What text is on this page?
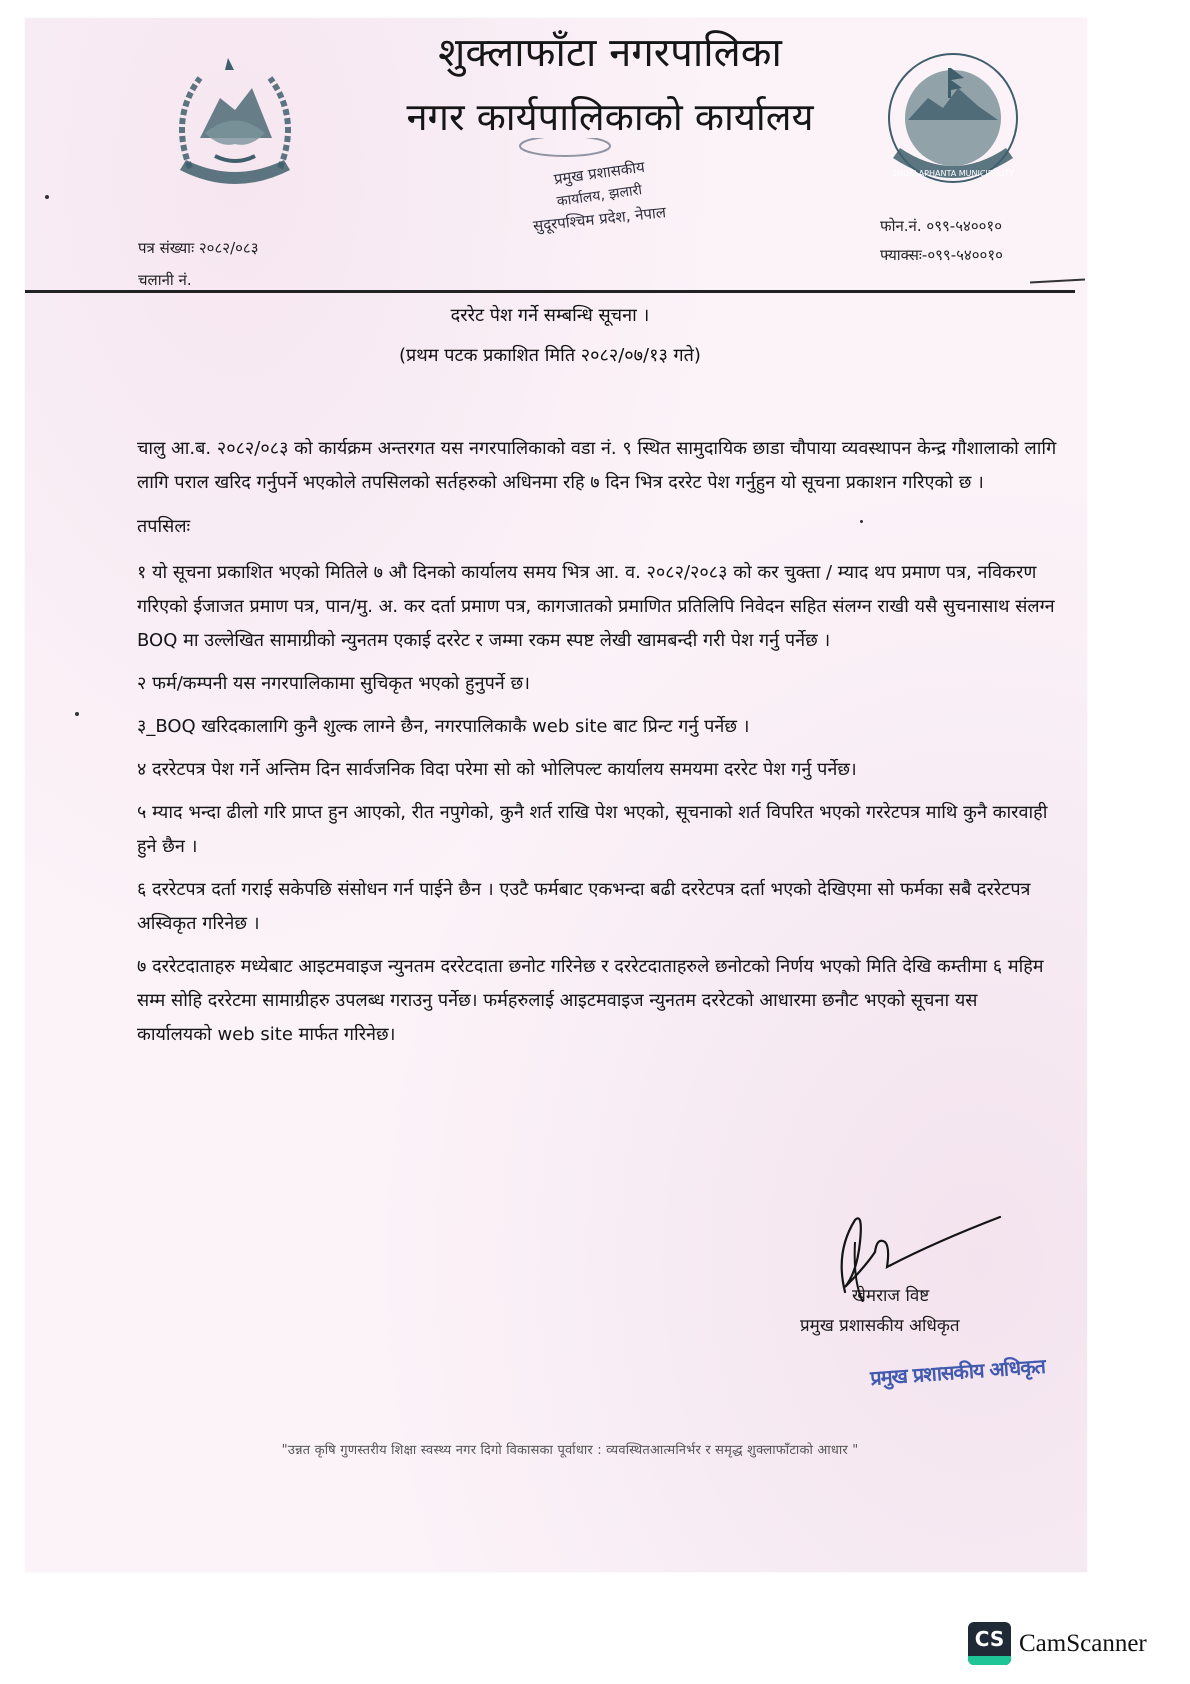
शुक्लाफाँटा नगरपालिका
नगर कार्यपालिकाको कार्यालय
प्रमुख प्रशासकीय
कार्यालय, झलारी
सुदूरपश्चिम प्रदेश, नेपाल
SHUKLAPHANTA MUNICIPALITY
पत्र संख्याः २०८२/०८३
चलानी नं.
फोन.नं. ०९९-५४००१०
फ्याक्सः-०९९-५४००१०
दररेट पेश गर्ने सम्बन्धि सूचना ।
(प्रथम पटक प्रकाशित मिति २०८२/०७/१३ गते)

चालु आ.ब. २०८२/०८३ को कार्यक्रम अन्तरगत यस नगरपालिकाको वडा नं. ९ स्थित सामुदायिक छाडा चौपाया व्यवस्थापन केन्द्र गौशालाको लागि लागि पराल खरिद गर्नुपर्ने भएकोले तपसिलको सर्तहरुको अधिनमा रहि ७ दिन भित्र दररेट पेश गर्नुहुन यो सूचना प्रकाशन गरिएको छ ।

तपसिलः

१ यो सूचना प्रकाशित भएको मितिले ७ औ दिनको कार्यालय समय भित्र आ. व. २०८२/२०८३ को कर चुक्ता / म्याद थप प्रमाण पत्र, नविकरण गरिएको ईजाजत प्रमाण पत्र, पान/मु. अ. कर दर्ता प्रमाण पत्र, कागजातको प्रमाणित प्रतिलिपि निवेदन सहित संलग्न राखी यसै सुचनासाथ संलग्न BOQ मा उल्लेखित सामाग्रीको न्युनतम एकाई दररेट र जम्मा रकम स्पष्ट लेखी खामबन्दी गरी पेश गर्नु पर्नेछ ।

२ फर्म/कम्पनी यस नगरपालिकामा सुचिकृत भएको हुनुपर्ने छ।

३_BOQ खरिदकालागि कुनै शुल्क लाग्ने छैन, नगरपालिकाकै web site बाट प्रिन्ट गर्नु पर्नेछ ।

४ दररेटपत्र पेश गर्ने अन्तिम दिन सार्वजनिक विदा परेमा सो को भोलिपल्ट कार्यालय समयमा दररेट पेश गर्नु पर्नेछ।

५ म्याद भन्दा ढीलो गरि प्राप्त हुन आएको, रीत नपुगेको, कुनै शर्त राखि पेश भएको, सूचनाको शर्त विपरित भएको गररेटपत्र माथि कुनै कारवाही हुने छैन ।

६ दररेटपत्र दर्ता गराई सकेपछि संसोधन गर्न पाईने छैन । एउटै फर्मबाट एकभन्दा बढी दररेटपत्र दर्ता भएको देखिएमा सो फर्मका सबै दररेटपत्र अस्विकृत गरिनेछ ।

७ दररेटदाताहरु मध्येबाट आइटमवाइज न्युनतम दररेटदाता छनोट गरिनेछ र दररेटदाताहरुले छनोटको निर्णय भएको मिति देखि कम्तीमा ६ महिम सम्म सोहि दररेटमा सामाग्रीहरु उपलब्ध गराउनु पर्नेछ। फर्महरुलाई आइटमवाइज न्युनतम दररेटको आधारमा छनौट भएको सूचना यस कार्यालयको web site मार्फत गरिनेछ।

खेमराज विष्ट
प्रमुख प्रशासकीय अधिकृत
प्रमुख प्रशासकीय अधिकृत
"उन्नत कृषि गुणस्तरीय शिक्षा स्वस्थ्य नगर दिगो विकासका पूर्वाधार : व्यवस्थितआत्मनिर्भर र समृद्ध शुक्लाफाँटाको आधार "
CS CamScanner
